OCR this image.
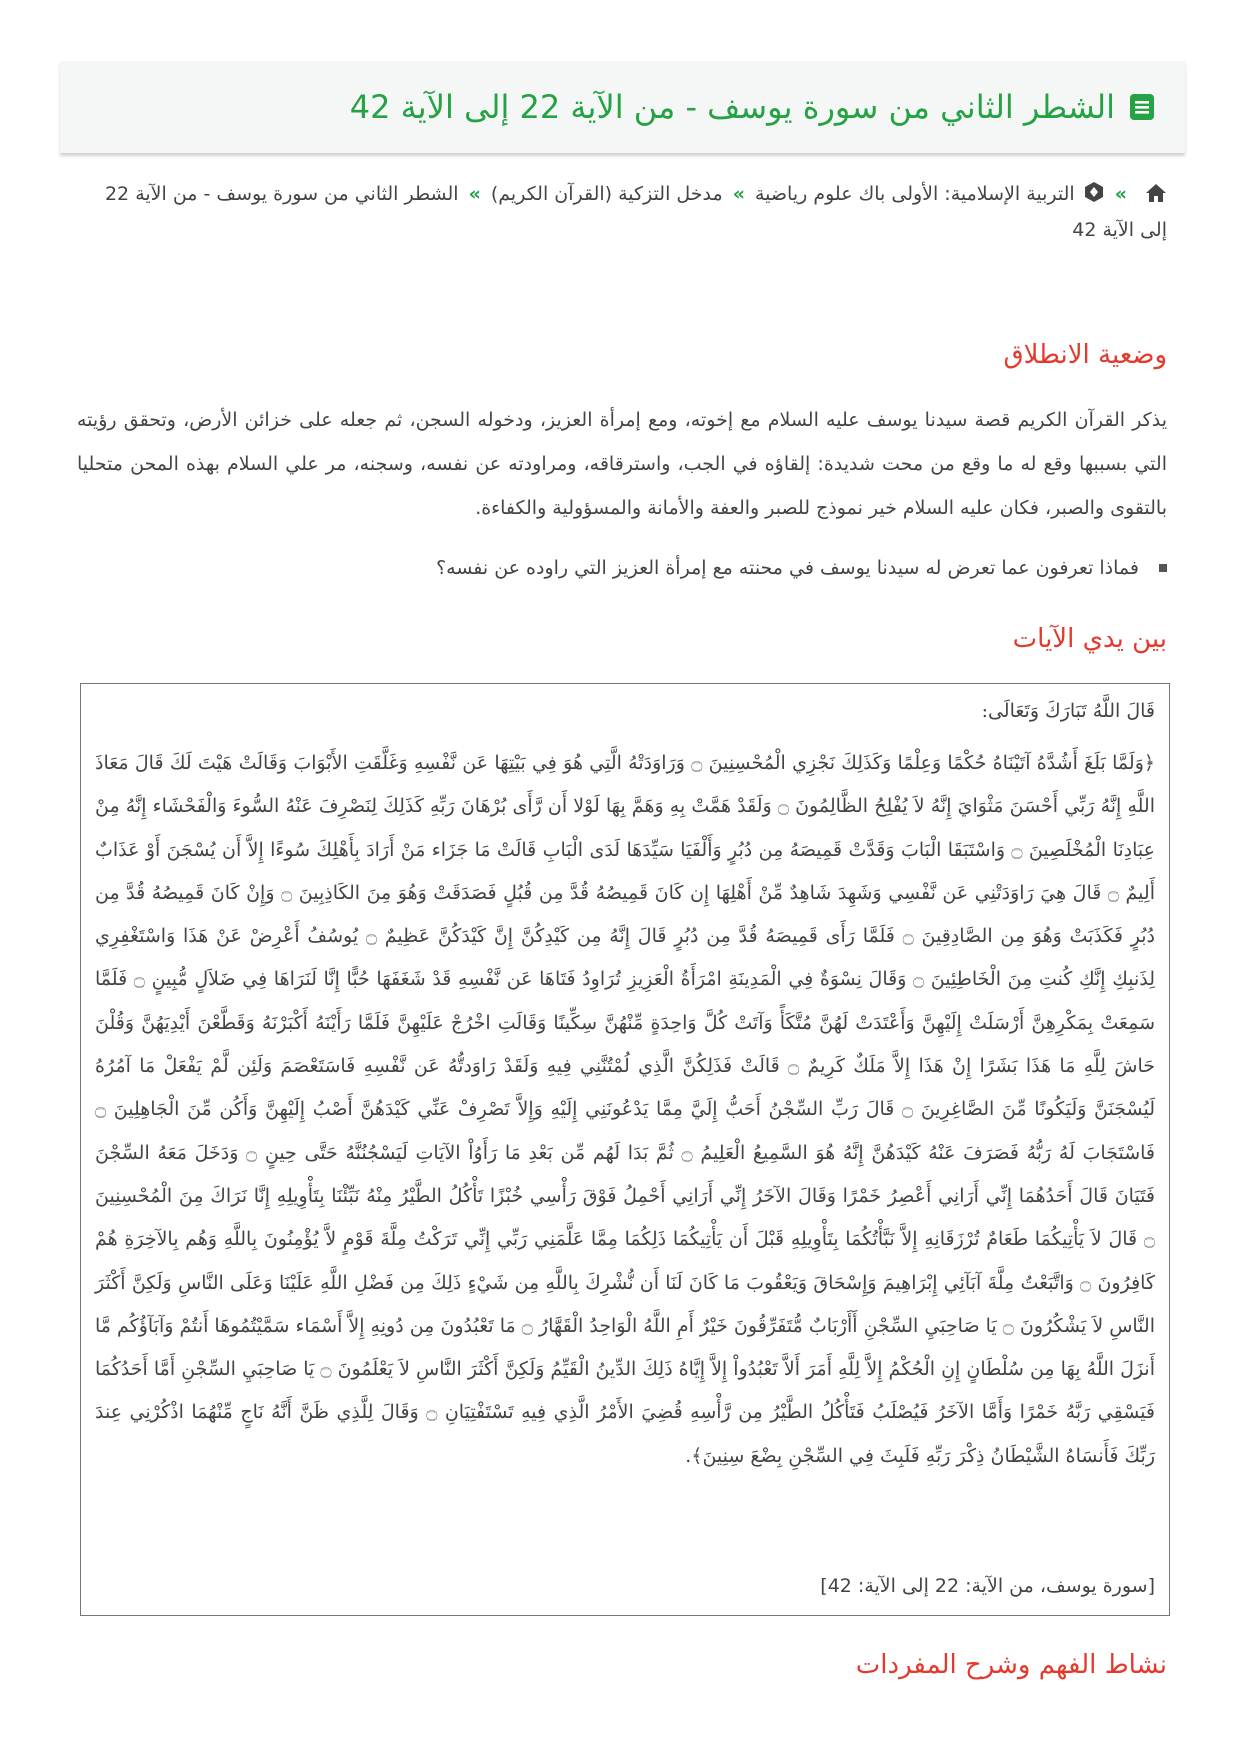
الشطر الثاني من سورة يوسف - من الآية 22 إلى الآية 42
»التربية الإسلامية: الأولى باك علوم رياضية»مدخل التزكية (القرآن الكريم)»الشطر الثاني من سورة يوسف - من الآية 22 إلى الآية 42
وضعية الانطلاق

يذكر القرآن الكريم قصة سيدنا يوسف عليه السلام مع إخوته، ومع إمرأة العزيز، ودخوله السجن، ثم جعله على خزائن الأرض، وتحقق رؤيته التي بسببها وقع له ما وقع من محت شديدة: إلقاؤه في الجب، واسترقاقه، ومراودته عن نفسه، وسجنه، مر علي السلام بهذه المحن متحليا بالتقوى والصبر، فكان عليه السلام خير نموذج للصبر والعفة والأمانة والمسؤولية والكفاءة.

فماذا تعرفون عما تعرض له سيدنا يوسف في محنته مع إمرأة العزيز التي راوده عن نفسه؟
بين يدي الآيات

قَالَ اللَّهُ تَبَارَكَ وَتَعَالَى:

﴿وَلَمَّا بَلَغَ أَشُدَّهُ آتَيْنَاهُ حُكْمًا وَعِلْمًا وَكَذَلِكَ نَجْزِي الْمُحْسِنِينَ ۝ وَرَاوَدَتْهُ الَّتِي هُوَ فِي بَيْتِهَا عَن نَّفْسِهِ وَغَلَّقَتِ الأَبْوَابَ وَقَالَتْ هَيْتَ لَكَ قَالَ مَعَاذَ اللَّهِ إِنَّهُ رَبِّي أَحْسَنَ مَثْوَايَ إِنَّهُ لاَ يُفْلِحُ الظَّالِمُونَ ۝ وَلَقَدْ هَمَّتْ بِهِ وَهَمَّ بِهَا لَوْلا أَن رَّأَى بُرْهَانَ رَبِّهِ كَذَلِكَ لِنَصْرِفَ عَنْهُ السُّوءَ وَالْفَحْشَاء إِنَّهُ مِنْ عِبَادِنَا الْمُخْلَصِينَ ۝ وَاسْتَبَقَا الْبَابَ وَقَدَّتْ قَمِيصَهُ مِن دُبُرٍ وَأَلْفَيَا سَيِّدَهَا لَدَى الْبَابِ قَالَتْ مَا جَزَاء مَنْ أَرَادَ بِأَهْلِكَ سُوءًا إِلاَّ أَن يُسْجَنَ أَوْ عَذَابٌ أَلِيمٌ ۝ قَالَ هِيَ رَاوَدَتْنِي عَن نَّفْسِي وَشَهِدَ شَاهِدٌ مِّنْ أَهْلِهَا إِن كَانَ قَمِيصُهُ قُدَّ مِن قُبُلٍ فَصَدَقَتْ وَهُوَ مِنَ الكَاذِبِينَ ۝ وَإِنْ كَانَ قَمِيصُهُ قُدَّ مِن دُبُرٍ فَكَذَبَتْ وَهُوَ مِن الصَّادِقِينَ ۝ فَلَمَّا رَأَى قَمِيصَهُ قُدَّ مِن دُبُرٍ قَالَ إِنَّهُ مِن كَيْدِكُنَّ إِنَّ كَيْدَكُنَّ عَظِيمٌ ۝ يُوسُفُ أَعْرِضْ عَنْ هَذَا وَاسْتَغْفِرِي لِذَنبِكِ إِنَّكِ كُنتِ مِنَ الْخَاطِئِينَ ۝ وَقَالَ نِسْوَةٌ فِي الْمَدِينَةِ امْرَأَةُ الْعَزِيزِ تُرَاوِدُ فَتَاهَا عَن نَّفْسِهِ قَدْ شَغَفَهَا حُبًّا إِنَّا لَنَرَاهَا فِي ضَلاَلٍ مُّبِينٍ ۝ فَلَمَّا سَمِعَتْ بِمَكْرِهِنَّ أَرْسَلَتْ إِلَيْهِنَّ وَأَعْتَدَتْ لَهُنَّ مُتَّكَأً وَآتَتْ كُلَّ وَاحِدَةٍ مِّنْهُنَّ سِكِّينًا وَقَالَتِ اخْرُجْ عَلَيْهِنَّ فَلَمَّا رَأَيْنَهُ أَكْبَرْنَهُ وَقَطَّعْنَ أَيْدِيَهُنَّ وَقُلْنَ حَاشَ لِلَّهِ مَا هَذَا بَشَرًا إِنْ هَذَا إِلاَّ مَلَكٌ كَرِيمٌ ۝ قَالَتْ فَذَلِكُنَّ الَّذِي لُمْتُنَّنِي فِيهِ وَلَقَدْ رَاوَدتُّهُ عَن نَّفْسِهِ فَاسَتَعْصَمَ وَلَئِن لَّمْ يَفْعَلْ مَا آمُرُهُ لَيُسْجَنَنَّ وَلَيَكُونًا مِّنَ الصَّاغِرِينَ ۝ قَالَ رَبِّ السِّجْنُ أَحَبُّ إِلَيَّ مِمَّا يَدْعُونَنِي إِلَيْهِ وَإِلاَّ تَصْرِفْ عَنِّي كَيْدَهُنَّ أَصْبُ إِلَيْهِنَّ وَأَكُن مِّنَ الْجَاهِلِينَ ۝ فَاسْتَجَابَ لَهُ رَبُّهُ فَصَرَفَ عَنْهُ كَيْدَهُنَّ إِنَّهُ هُوَ السَّمِيعُ الْعَلِيمُ ۝ ثُمَّ بَدَا لَهُم مِّن بَعْدِ مَا رَأَوُاْ الآيَاتِ لَيَسْجُنُنَّهُ حَتَّى حِينٍ ۝ وَدَخَلَ مَعَهُ السِّجْنَ فَتَيَانَ قَالَ أَحَدُهُمَا إِنِّي أَرَانِي أَعْصِرُ خَمْرًا وَقَالَ الآخَرُ إِنِّي أَرَانِي أَحْمِلُ فَوْقَ رَأْسِي خُبْزًا تَأْكُلُ الطَّيْرُ مِنْهُ نَبِّئْنَا بِتَأْوِيلِهِ إِنَّا نَرَاكَ مِنَ الْمُحْسِنِينَ ۝ قَالَ لاَ يَأْتِيكُمَا طَعَامٌ تُرْزَقَانِهِ إِلاَّ نَبَّأْتُكُمَا بِتَأْوِيلِهِ قَبْلَ أَن يَأْتِيكُمَا ذَلِكُمَا مِمَّا عَلَّمَنِي رَبِّي إِنِّي تَرَكْتُ مِلَّةَ قَوْمٍ لاَّ يُؤْمِنُونَ بِاللَّهِ وَهُم بِالآخِرَةِ هُمْ كَافِرُونَ ۝ وَاتَّبَعْتُ مِلَّةَ آبَآئِي إِبْرَاهِيمَ وَإِسْحَاقَ وَيَعْقُوبَ مَا كَانَ لَنَا أَن نُّشْرِكَ بِاللَّهِ مِن شَيْءٍ ذَلِكَ مِن فَضْلِ اللَّهِ عَلَيْنَا وَعَلَى النَّاسِ وَلَكِنَّ أَكْثَرَ النَّاسِ لاَ يَشْكُرُونَ ۝ يَا صَاحِبَيِ السِّجْنِ أَأَرْبَابٌ مُّتَفَرِّقُونَ خَيْرٌ أَمِ اللَّهُ الْوَاحِدُ الْقَهَّارُ ۝ مَا تَعْبُدُونَ مِن دُونِهِ إِلاَّ أَسْمَاء سَمَّيْتُمُوهَا أَنتُمْ وَآبَآؤُكُم مَّا أَنزَلَ اللَّهُ بِهَا مِن سُلْطَانٍ إِنِ الْحُكْمُ إِلاَّ لِلَّهِ أَمَرَ أَلاَّ تَعْبُدُواْ إِلاَّ إِيَّاهُ ذَلِكَ الدِّينُ الْقَيِّمُ وَلَكِنَّ أَكْثَرَ النَّاسِ لاَ يَعْلَمُونَ ۝ يَا صَاحِبَيِ السِّجْنِ أَمَّا أَحَدُكُمَا فَيَسْقِي رَبَّهُ خَمْرًا وَأَمَّا الآخَرُ فَيُصْلَبُ فَتَأْكُلُ الطَّيْرُ مِن رَّأْسِهِ قُضِيَ الأَمْرُ الَّذِي فِيهِ تَسْتَفْتِيَانِ ۝ وَقَالَ لِلَّذِي ظَنَّ أَنَّهُ نَاجٍ مِّنْهُمَا اذْكُرْنِي عِندَ رَبِّكَ فَأَنسَاهُ الشَّيْطَانُ ذِكْرَ رَبِّهِ فَلَبِثَ فِي السِّجْنِ بِضْعَ سِنِينَ﴾.

[سورة يوسف، من الآية: 22 إلى الآية: 42]
نشاط الفهم وشرح المفردات
